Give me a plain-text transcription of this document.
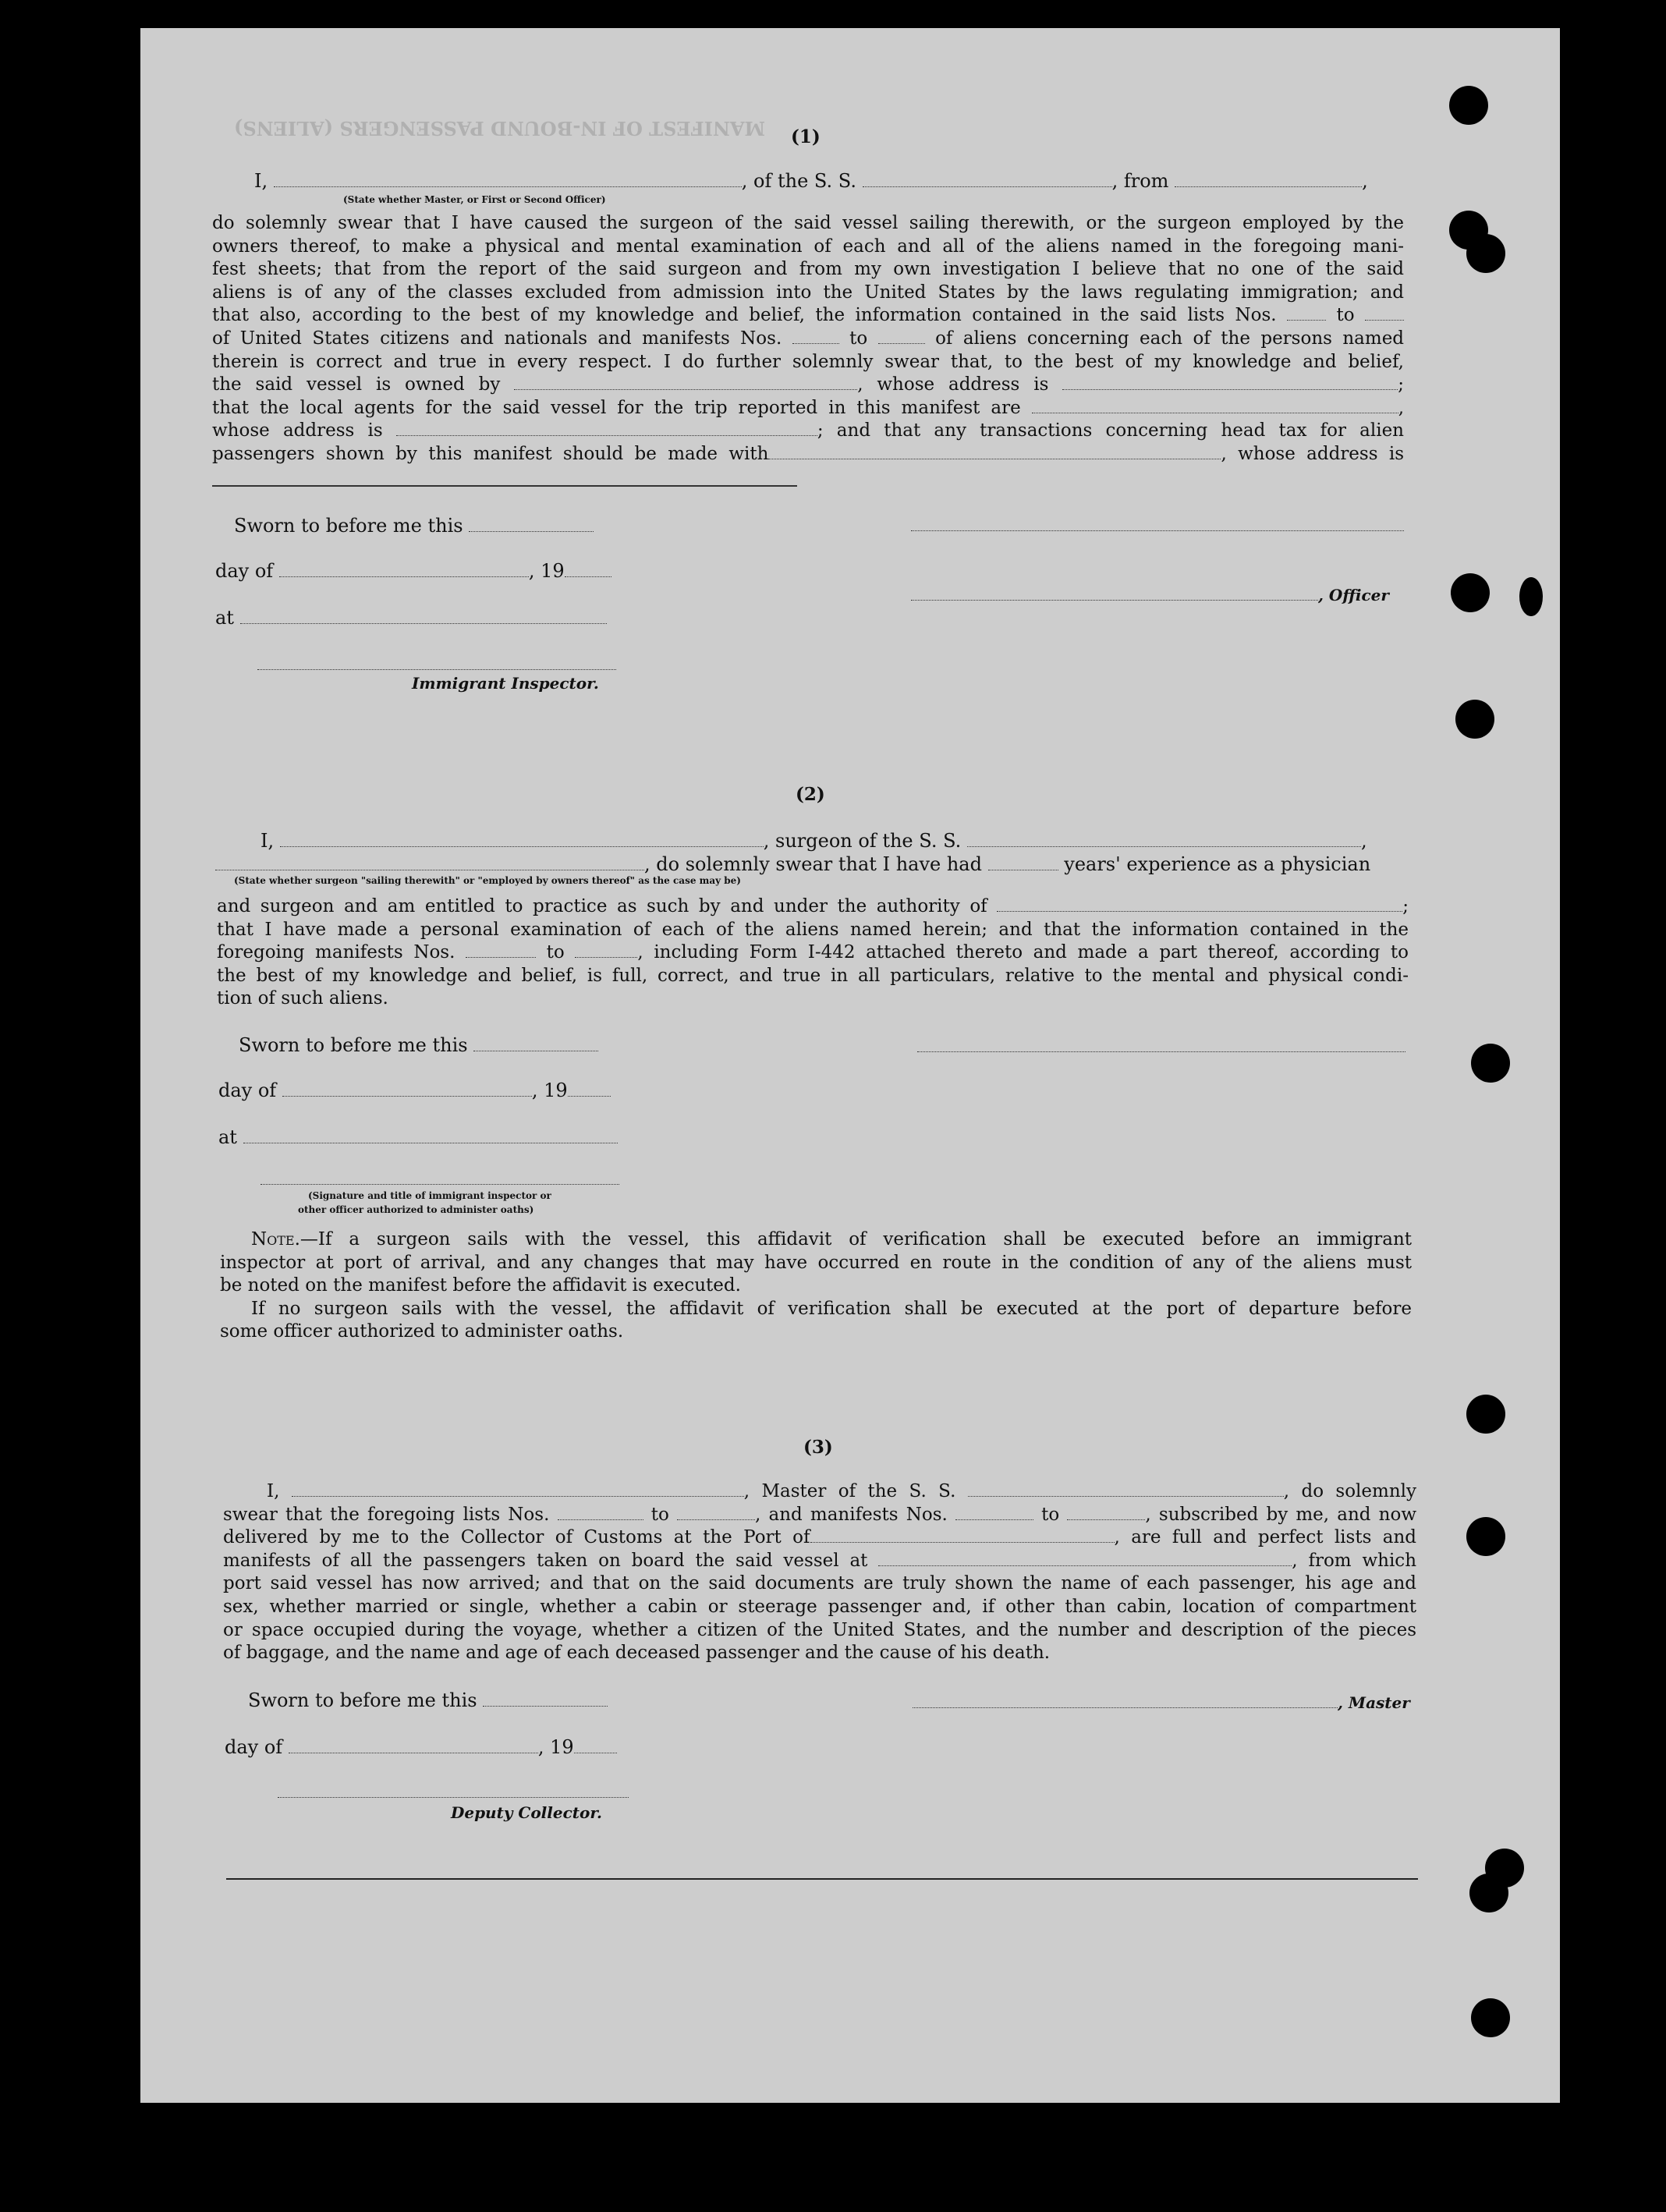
MANIFEST OF IN-BOUND PASSENGERS (ALIENS) (1)
I,	, of the S. S.	, from	,
(State whether Master, or First or Second Officer)
do solemnly swear that I have caused the surgeon of the said vessel sailing therewith, or the surgeon employed by the
owners thereof, to make a physical and mental examination of each and all of the aliens named in the foregoing mani-
fest sheets; that from the report of the said surgeon and from my own investigation I believe that no one of the said
aliens is of any of the classes excluded from admission into the United States by the laws regulating immigration; and
that also, according to the best of my knowledge and belief, the information contained in the said lists Nos.	to
of United States citizens and nationals and manifests Nos.	to	of aliens concerning each of the persons named
therein is correct and true in every respect. I do further solemnly swear that, to the best of my knowledge and belief,
the said vessel is owned by	, whose address is	;
that the local agents for the said vessel for the trip reported in this manifest are	,
whose address is	; and that any transactions concerning head tax for alien
passengers shown by this manifest should be made with	, whose address is
Sworn to before me this
day of	, 19
at
Immigrant Inspector.
, Officer
(2)
I,	, surgeon of the S. S.	,
, do solemnly swear that I have had	years' experience as a physician
(State whether surgeon "sailing therewith" or "employed by owners thereof" as the case may be)
and surgeon and am entitled to practice as such by and under the authority of	;
that I have made a personal examination of each of the aliens named herein; and that the information contained in the
foregoing manifests Nos.	to	, including Form I-442 attached thereto and made a part thereof, according to
the best of my knowledge and belief, is full, correct, and true in all particulars, relative to the mental and physical condi-
tion of such aliens.
Sworn to before me this
day of	, 19
at
(Signature and title of immigrant inspector or
other officer authorized to administer oaths)
Note.—If a surgeon sails with the vessel, this affidavit of verification shall be executed before an immigrant
inspector at port of arrival, and any changes that may have occurred en route in the condition of any of the aliens must
be noted on the manifest before the affidavit is executed.
If no surgeon sails with the vessel, the affidavit of verification shall be executed at the port of departure before
some officer authorized to administer oaths.
(3)
I,	, Master of the S. S.	, do solemnly
swear that the foregoing lists Nos.	to	, and manifests Nos.	to	, subscribed by me, and now
delivered by me to the Collector of Customs at the Port of	, are full and perfect lists and
manifests of all the passengers taken on board the said vessel at	, from which
port said vessel has now arrived; and that on the said documents are truly shown the name of each passenger, his age and
sex, whether married or single, whether a cabin or steerage passenger and, if other than cabin, location of compartment
or space occupied during the voyage, whether a citizen of the United States, and the number and description of the pieces
of baggage, and the name and age of each deceased passenger and the cause of his death.
Sworn to before me this
day of	, 19
Deputy Collector.
, Master
